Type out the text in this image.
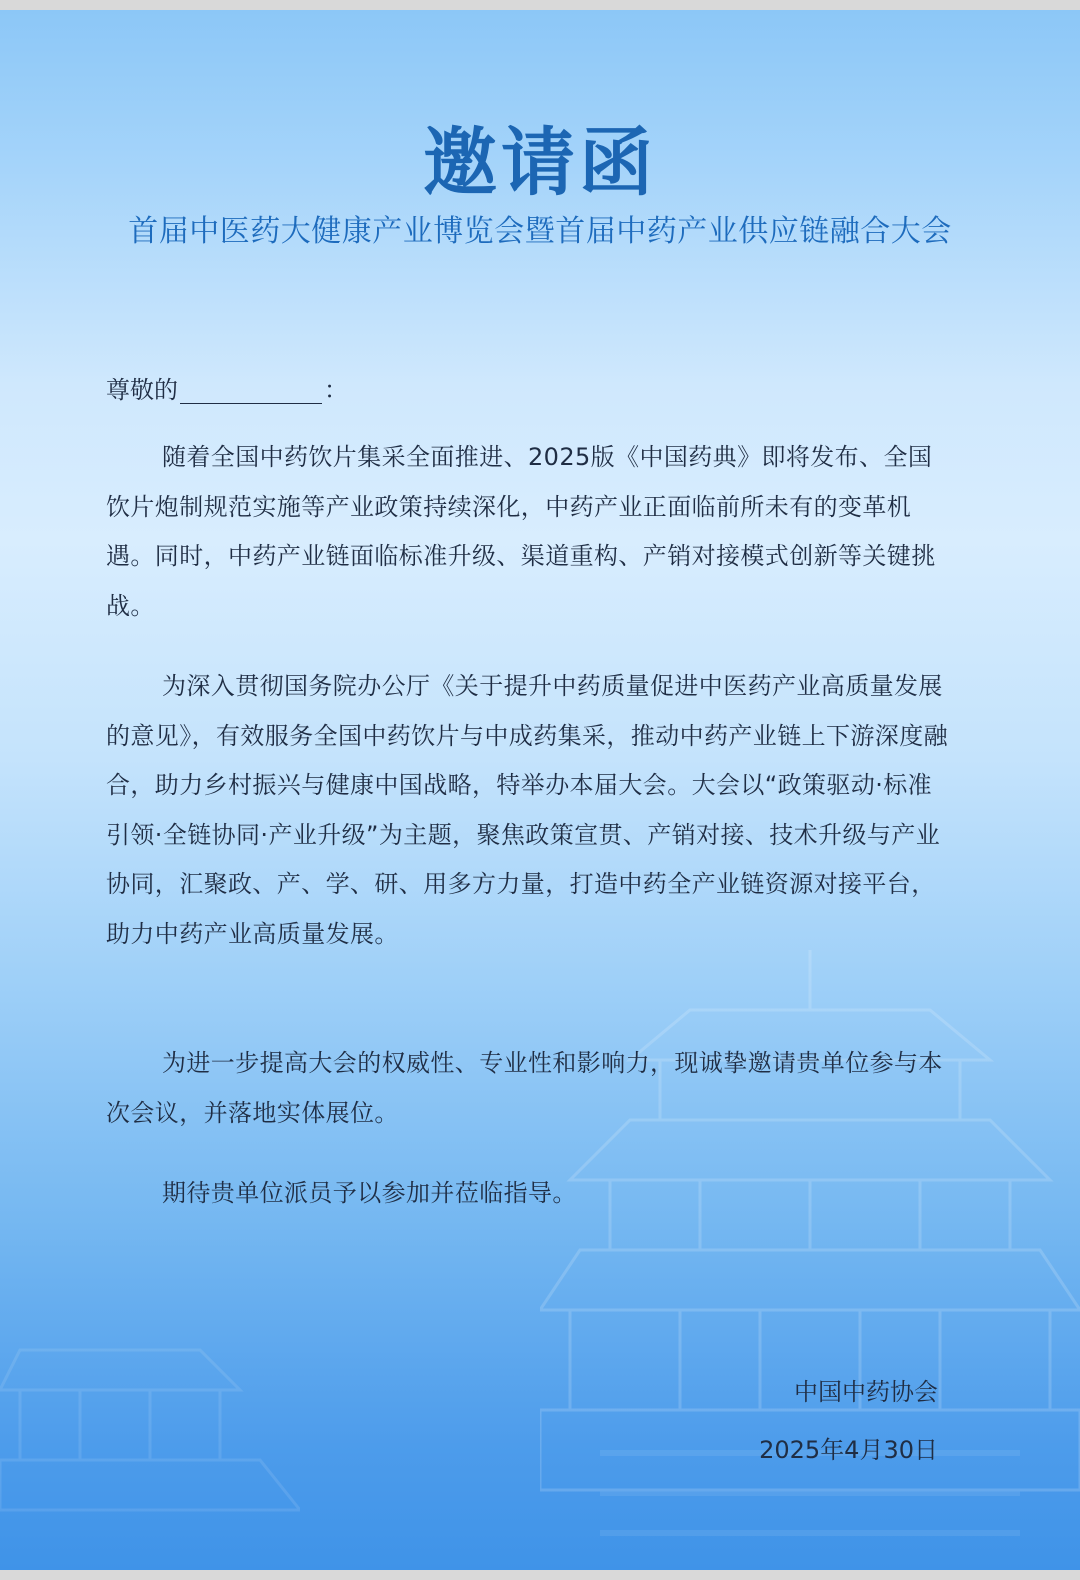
邀请函
首届中医药大健康产业博览会暨首届中药产业供应链融合大会
尊敬的	：

随着全国中药饮片集采全面推进、2025版《中国药典》即将发布、全国饮片炮制规范实施等产业政策持续深化，中药产业正面临前所未有的变革机遇。同时，中药产业链面临标准升级、渠道重构、产销对接模式创新等关键挑战。

为深入贯彻国务院办公厅《关于提升中药质量促进中医药产业高质量发展的意见》，有效服务全国中药饮片与中成药集采，推动中药产业链上下游深度融合，助力乡村振兴与健康中国战略，特举办本届大会。大会以“政策驱动·标准引领·全链协同·产业升级”为主题，聚焦政策宣贯、产销对接、技术升级与产业协同，汇聚政、产、学、研、用多方力量，打造中药全产业链资源对接平台，助力中药产业高质量发展。

为进一步提高大会的权威性、专业性和影响力，现诚挚邀请贵单位参与本次会议，并落地实体展位。

期待贵单位派员予以参加并莅临指导。

中国中药协会
2025年4月30日
